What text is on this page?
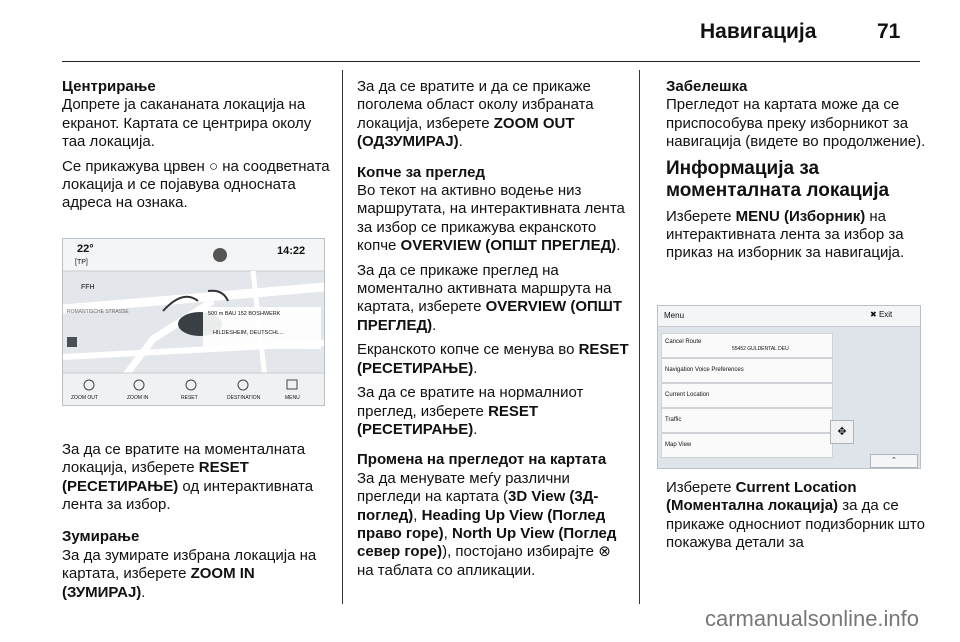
Навигација	71

Центрирање

Допрете ја сакананата локација на екранот. Картата се центрира околу таа локација.

Се прикажува црвен ○ на соодветната локација и се појавува односната адреса на ознака.

За да се вратите на моменталната локација, изберете RESET (РЕСЕТИРАЊЕ) од интерактивната лента за избор.

Зумирање

За да зумирате избрана локација на картата, изберете ZOOM IN (ЗУМИРАЈ).

22°
[TP]
14:22
FFH
ROMANTISCHE STRASSE	500 m BAU 152 BOSHWERK
HILDESHEIM, DEUTSCHL...
ZOOM OUT	ZOOM IN	RESET	DESTINATION	MENU

За да се вратите и да се прикаже поголема област околу избраната локација, изберете ZOOM OUT (ОДЗУМИРАЈ).

Копче за преглед

Во текот на активно водење низ маршрутата, на интерактивната лента за избор се прикажува екранското копче OVERVIEW (ОПШТ ПРЕГЛЕД).

За да се прикаже преглед на моментално активната маршрута на картата, изберете OVERVIEW (ОПШТ ПРЕГЛЕД).

Екранското копче се менува во RESET (РЕСЕТИРАЊЕ).

За да се вратите на нормалниот преглед, изберете RESET (РЕСЕТИРАЊЕ).

Промена на прегледот на картата

За да менувате меѓу различни прегледи на картата (3D View (3Д-поглед), Heading Up View (Поглед право горе), North Up View (Поглед север горе)), постојано избирајте ⊗ на таблата со апликации.

Забелешка

Прегледот на картата може да се приспособува преку изборникот за навигација (видете во продолжение).

Информација за моменталната локација

Изберете MENU (Изборник) на интерактивната лента за избор за приказ на изборник за навигација.

Изберете Current Location (Моментална локација) за да се прикаже односниот подизборник што покажува детали за

Menu	✖ Exit
Cancel Route
55452 GULDENTAL DEU
Navigation Voice Preferences
Current Location
Traffic
Map View
✥
⌃
carmanualsonline.info
